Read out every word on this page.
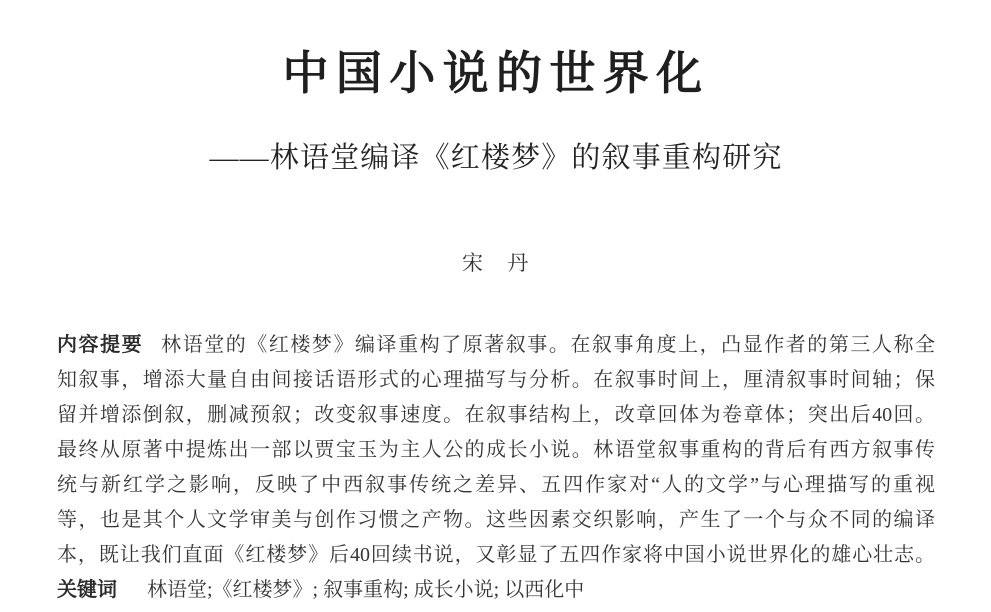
中国小说的世界化
——林语堂编译《红楼梦》的叙事重构研究
宋　丹
内容提要 林语堂的《红楼梦》编译重构了原著叙事。在叙事角度上，凸显作者的第三人称全
知叙事，增添大量自由间接话语形式的心理描写与分析。在叙事时间上，厘清叙事时间轴；保
留并增添倒叙，删减预叙；改变叙事速度。在叙事结构上，改章回体为卷章体；突出后40回。
最终从原著中提炼出一部以贾宝玉为主人公的成长小说。林语堂叙事重构的背后有西方叙事传
统与新红学之影响，反映了中西叙事传统之差异、五四作家对“人的文学”与心理描写的重视
等，也是其个人文学审美与创作习惯之产物。这些因素交织影响，产生了一个与众不同的编译
本，既让我们直面《红楼梦》后40回续书说，又彰显了五四作家将中国小说世界化的雄心壮志。
关键词 林语堂;《红楼梦》; 叙事重构; 成长小说; 以西化中
